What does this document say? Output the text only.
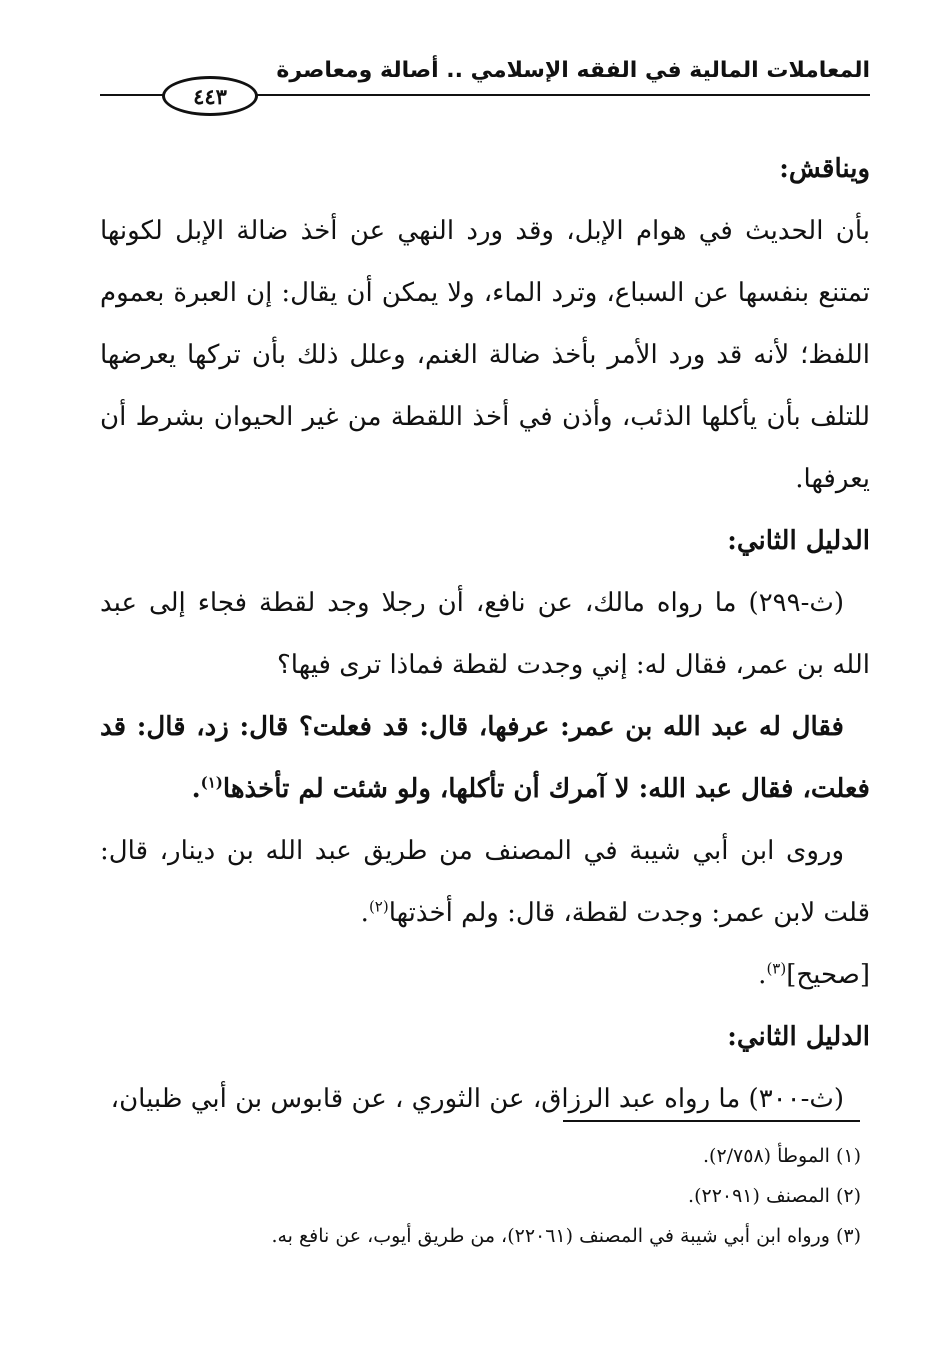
المعاملات المالية في الفقه الإسلامي .. أصالة ومعاصرة
٤٤٣

ويناقش:

بأن الحديث في هوام الإبل، وقد ورد النهي عن أخذ ضالة الإبل لكونها تمتنع بنفسها عن السباع، وترد الماء، ولا يمكن أن يقال: إن العبرة بعموم اللفظ؛ لأنه قد ورد الأمر بأخذ ضالة الغنم، وعلل ذلك بأن تركها يعرضها للتلف بأن يأكلها الذئب، وأذن في أخذ اللقطة من غير الحيوان بشرط أن يعرفها.

الدليل الثاني:

(ث-٢٩٩) ما رواه مالك، عن نافع، أن رجلا وجد لقطة فجاء إلى عبد الله بن عمر، فقال له: إني وجدت لقطة فماذا ترى فيها؟

فقال له عبد الله بن عمر: عرفها، قال: قد فعلت؟ قال: زد، قال: قد فعلت، فقال عبد الله: لا آمرك أن تأكلها، ولو شئت لم تأخذها$^{(١)}$.

وروى ابن أبي شيبة في المصنف من طريق عبد الله بن دينار، قال: قلت لابن عمر: وجدت لقطة، قال: ولم أخذتها$^{(٢)}$.

[صحيح]$^{(٣)}$.

الدليل الثاني:

(ث-٣٠٠) ما رواه عبد الرزاق، عن الثوري ، عن قابوس بن أبي ظبيان،

(١) الموطأ (٢/٧٥٨).

(٢) المصنف (٢٢٠٩١).

(٣) ورواه ابن أبي شيبة في المصنف (٢٢٠٦١)، من طريق أيوب، عن نافع به.
